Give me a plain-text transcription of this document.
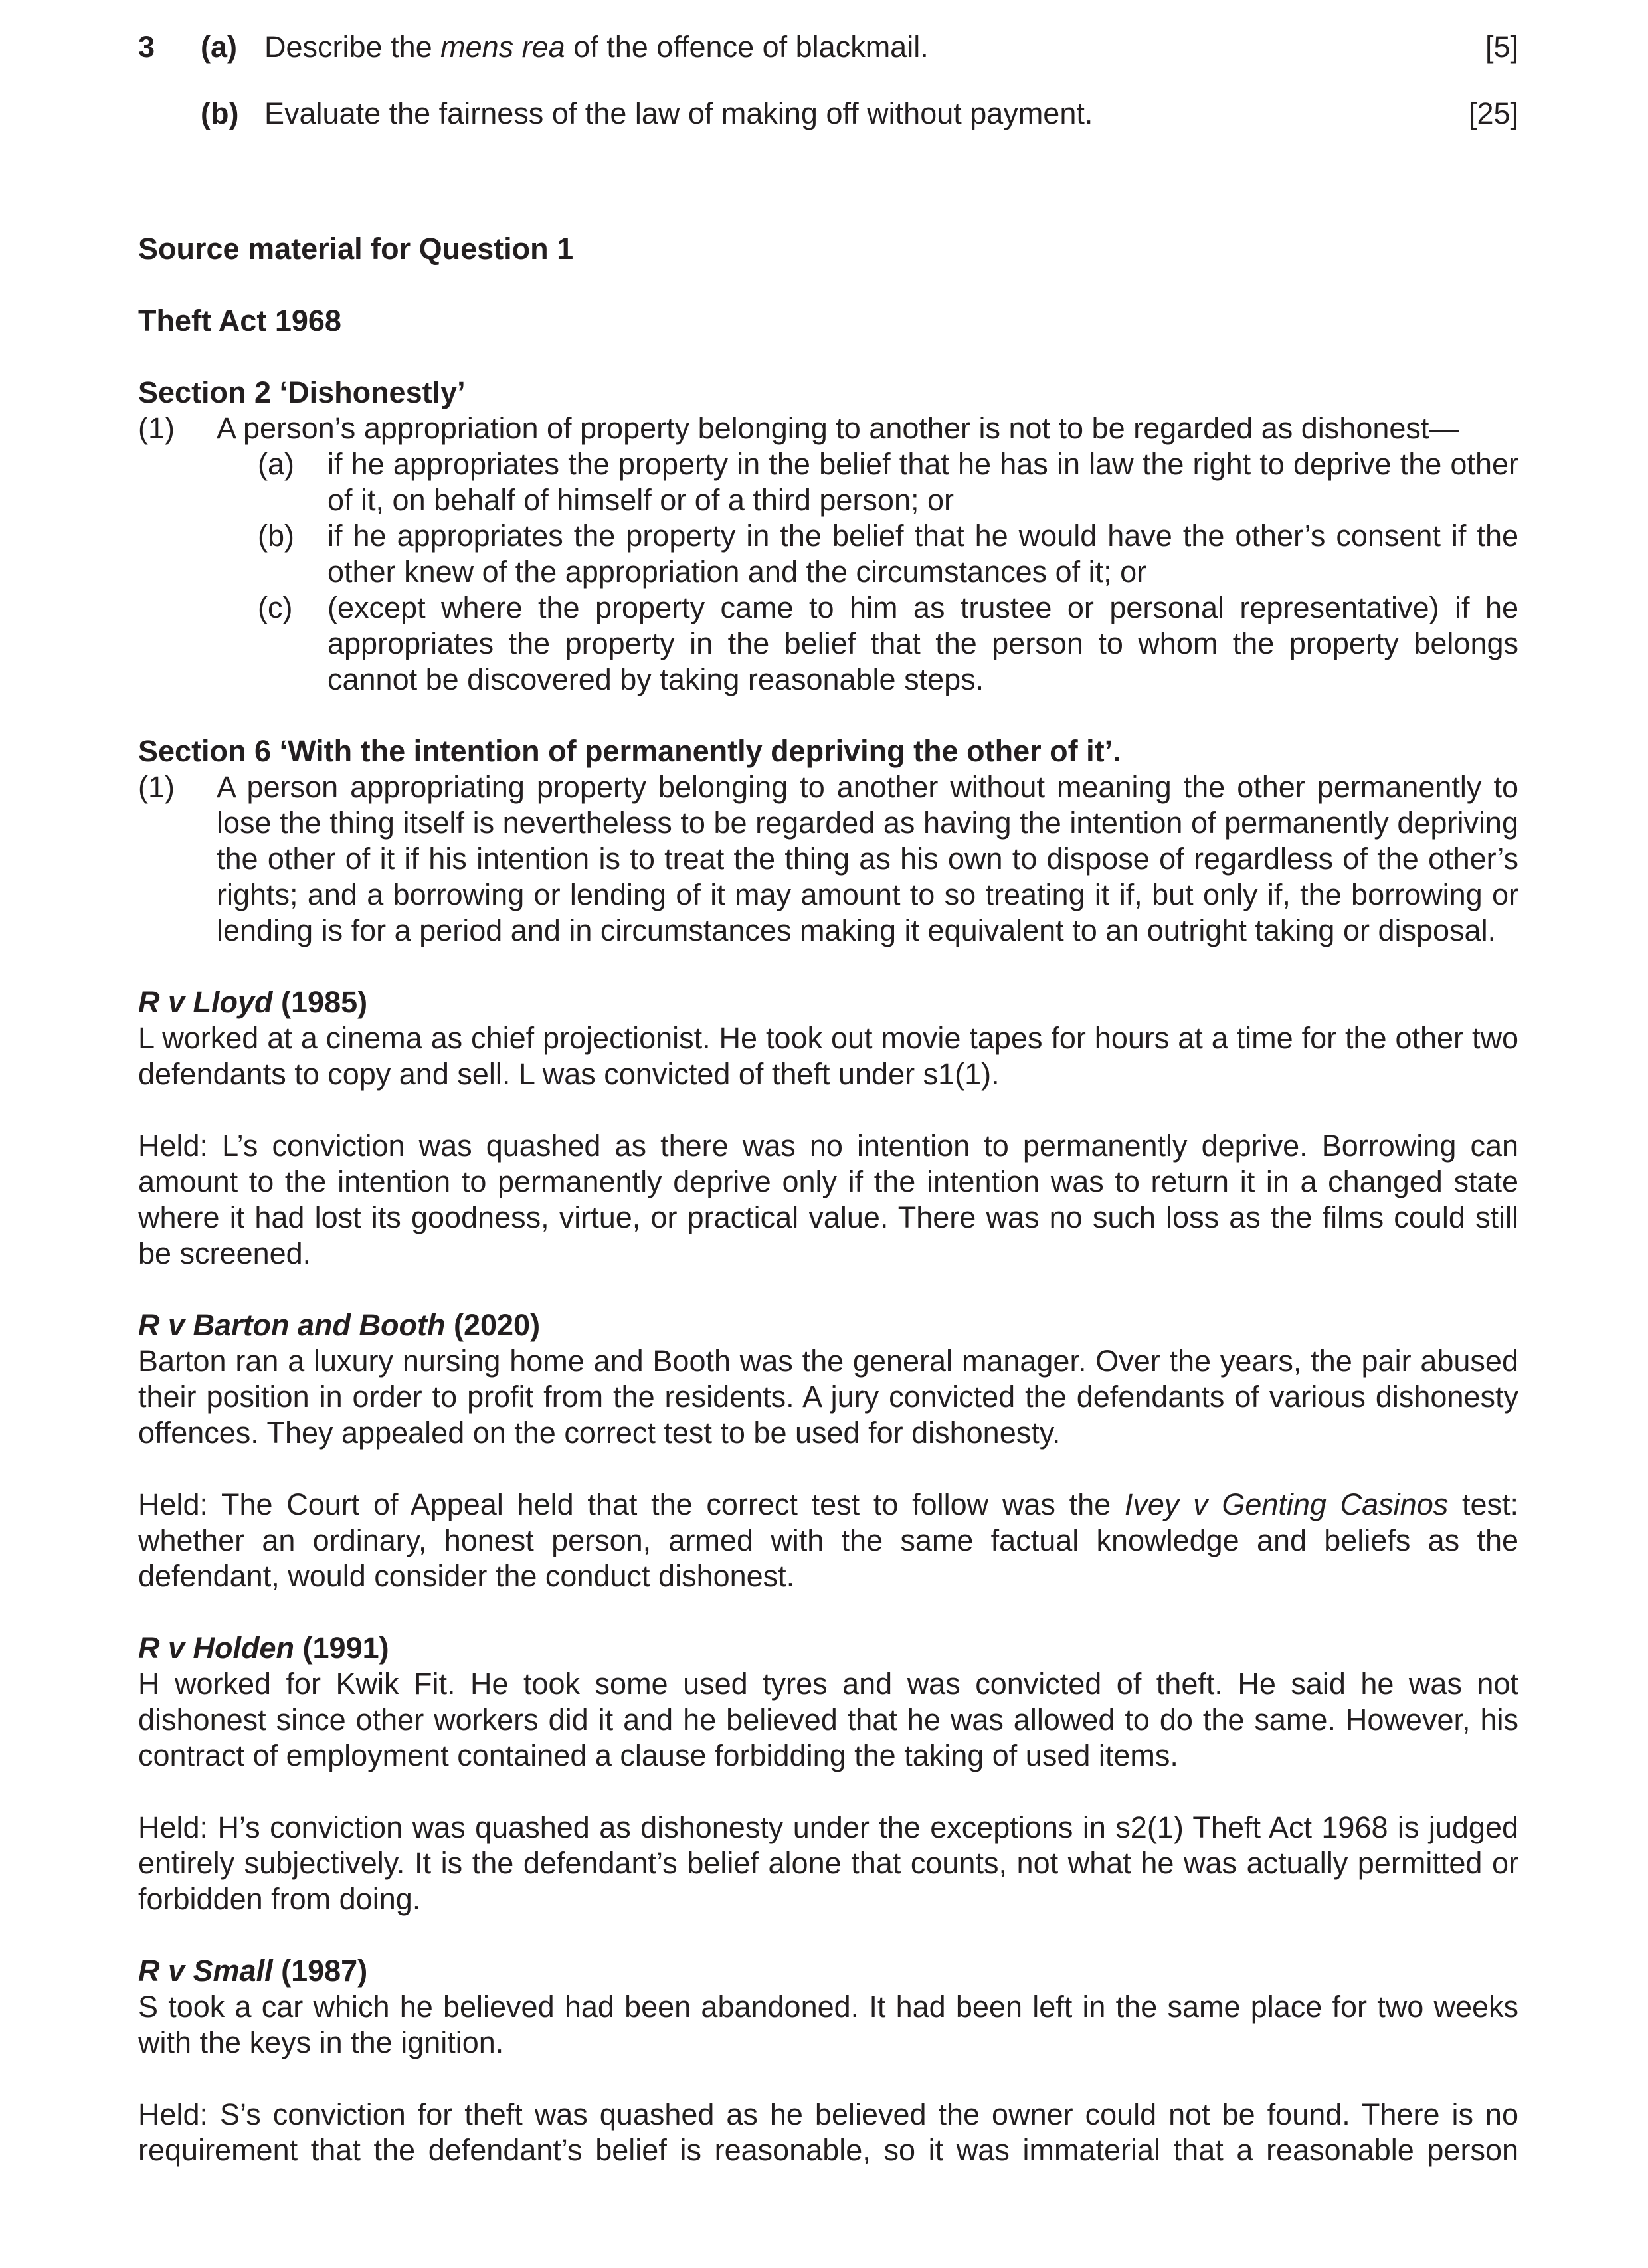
3 (a) Describe the mens rea of the offence of blackmail.	[5]
(b) Evaluate the fairness of the law of making off without payment.	[25]

Source material for Question 1

Theft Act 1968

Section 2 ‘Dishonestly’

(1) A person’s appropriation of property belonging to another is not to be regarded as dishonest—

(a) if he appropriates the property in the belief that he has in law the right to deprive the other of it, on behalf of himself or of a third person; or

(b) if he appropriates the property in the belief that he would have the other’s consent if the other knew of the appropriation and the circumstances of it; or

(c) (except where the property came to him as trustee or personal representative) if he appropriates the property in the belief that the person to whom the property belongs cannot be discovered by taking reasonable steps.

Section 6 ‘With the intention of permanently depriving the other of it’.

(1) A person appropriating property belonging to another without meaning the other permanently to lose the thing itself is nevertheless to be regarded as having the intention of permanently depriving the other of it if his intention is to treat the thing as his own to dispose of regardless of the other’s rights; and a borrowing or lending of it may amount to so treating it if, but only if, the borrowing or lending is for a period and in circumstances making it equivalent to an outright taking or disposal.

R v Lloyd (1985)

L worked at a cinema as chief projectionist. He took out movie tapes for hours at a time for the other two defendants to copy and sell. L was convicted of theft under s1(1).

Held: L’s conviction was quashed as there was no intention to permanently deprive. Borrowing can amount to the intention to permanently deprive only if the intention was to return it in a changed state where it had lost its goodness, virtue, or practical value. There was no such loss as the films could still be screened.

R v Barton and Booth (2020)

Barton ran a luxury nursing home and Booth was the general manager. Over the years, the pair abused their position in order to profit from the residents. A jury convicted the defendants of various dishonesty offences. They appealed on the correct test to be used for dishonesty.

Held: The Court of Appeal held that the correct test to follow was the Ivey v Genting Casinos test: whether an ordinary, honest person, armed with the same factual knowledge and beliefs as the defendant, would consider the conduct dishonest.

R v Holden (1991)

H worked for Kwik Fit. He took some used tyres and was convicted of theft. He said he was not dishonest since other workers did it and he believed that he was allowed to do the same. However, his contract of employment contained a clause forbidding the taking of used items.

Held: H’s conviction was quashed as dishonesty under the exceptions in s2(1) Theft Act 1968 is judged entirely subjectively. It is the defendant’s belief alone that counts, not what he was actually permitted or forbidden from doing.

R v Small (1987)

S took a car which he believed had been abandoned. It had been left in the same place for two weeks with the keys in the ignition.

Held: S’s conviction for theft was quashed as he believed the owner could not be found. There is no requirement that the defendant’s belief is reasonable, so it was immaterial that a reasonable person
